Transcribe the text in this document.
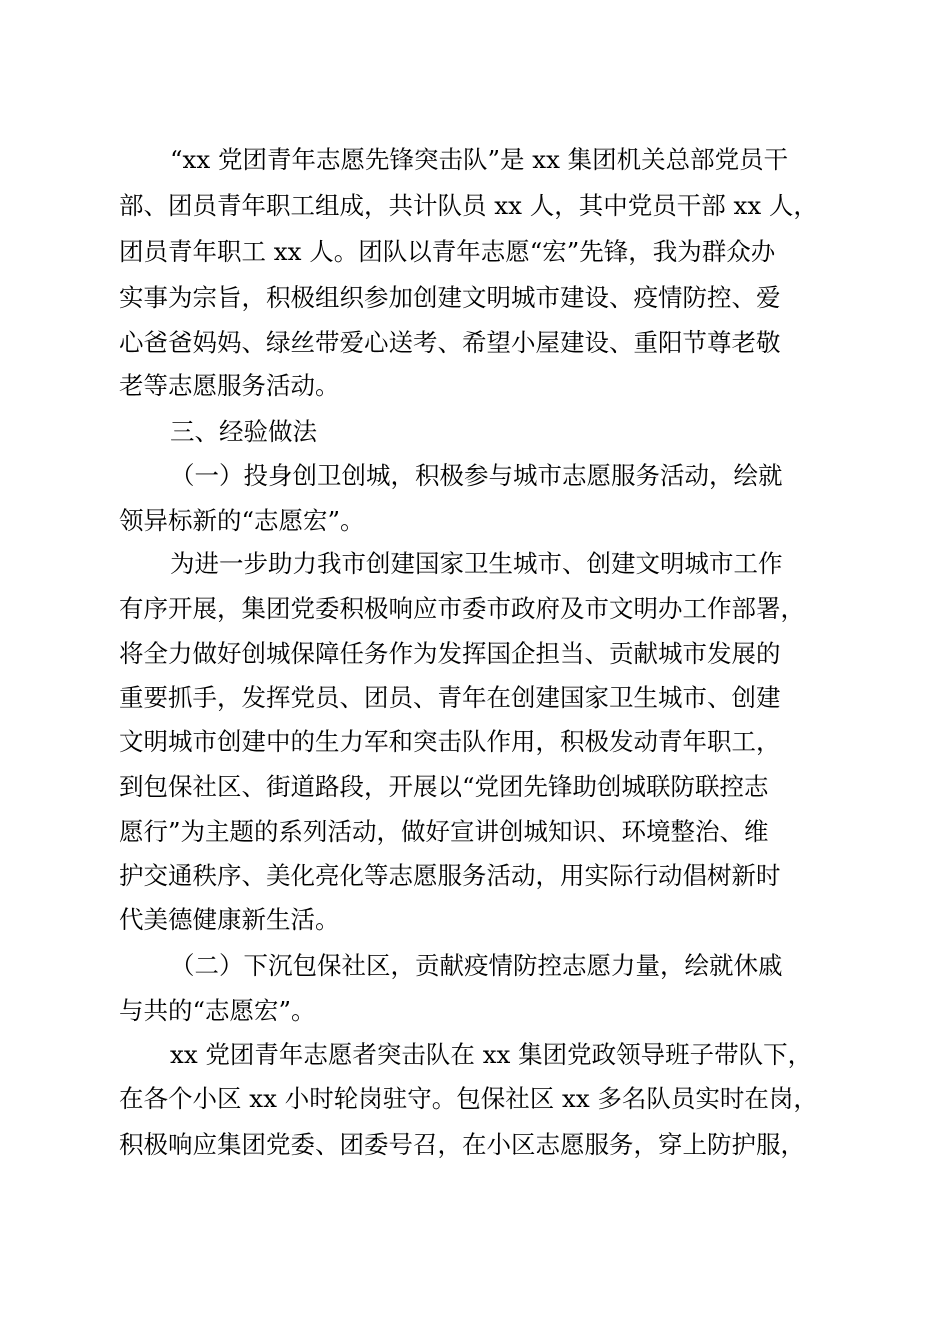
“xx 党团青年志愿先锋突击队”是 xx 集团机关总部党员干
部、团员青年职工组成，共计队员 xx 人，其中党员干部 xx 人，
团员青年职工 xx 人。团队以青年志愿“宏”先锋，我为群众办
实事为宗旨，积极组织参加创建文明城市建设、疫情防控、爱
心爸爸妈妈、绿丝带爱心送考、希望小屋建设、重阳节尊老敬
老等志愿服务活动。
三、经验做法
（一）投身创卫创城，积极参与城市志愿服务活动，绘就
领异标新的“志愿宏”。
为进一步助力我市创建国家卫生城市、创建文明城市工作
有序开展，集团党委积极响应市委市政府及市文明办工作部署，
将全力做好创城保障任务作为发挥国企担当、贡献城市发展的
重要抓手，发挥党员、团员、青年在创建国家卫生城市、创建
文明城市创建中的生力军和突击队作用，积极发动青年职工，
到包保社区、街道路段，开展以“党团先锋助创城联防联控志
愿行”为主题的系列活动，做好宣讲创城知识、环境整治、维
护交通秩序、美化亮化等志愿服务活动，用实际行动倡树新时
代美德健康新生活。
（二）下沉包保社区，贡献疫情防控志愿力量，绘就休戚
与共的“志愿宏”。
xx 党团青年志愿者突击队在 xx 集团党政领导班子带队下，
在各个小区 xx 小时轮岗驻守。包保社区 xx 多名队员实时在岗，
积极响应集团党委、团委号召，在小区志愿服务，穿上防护服，
